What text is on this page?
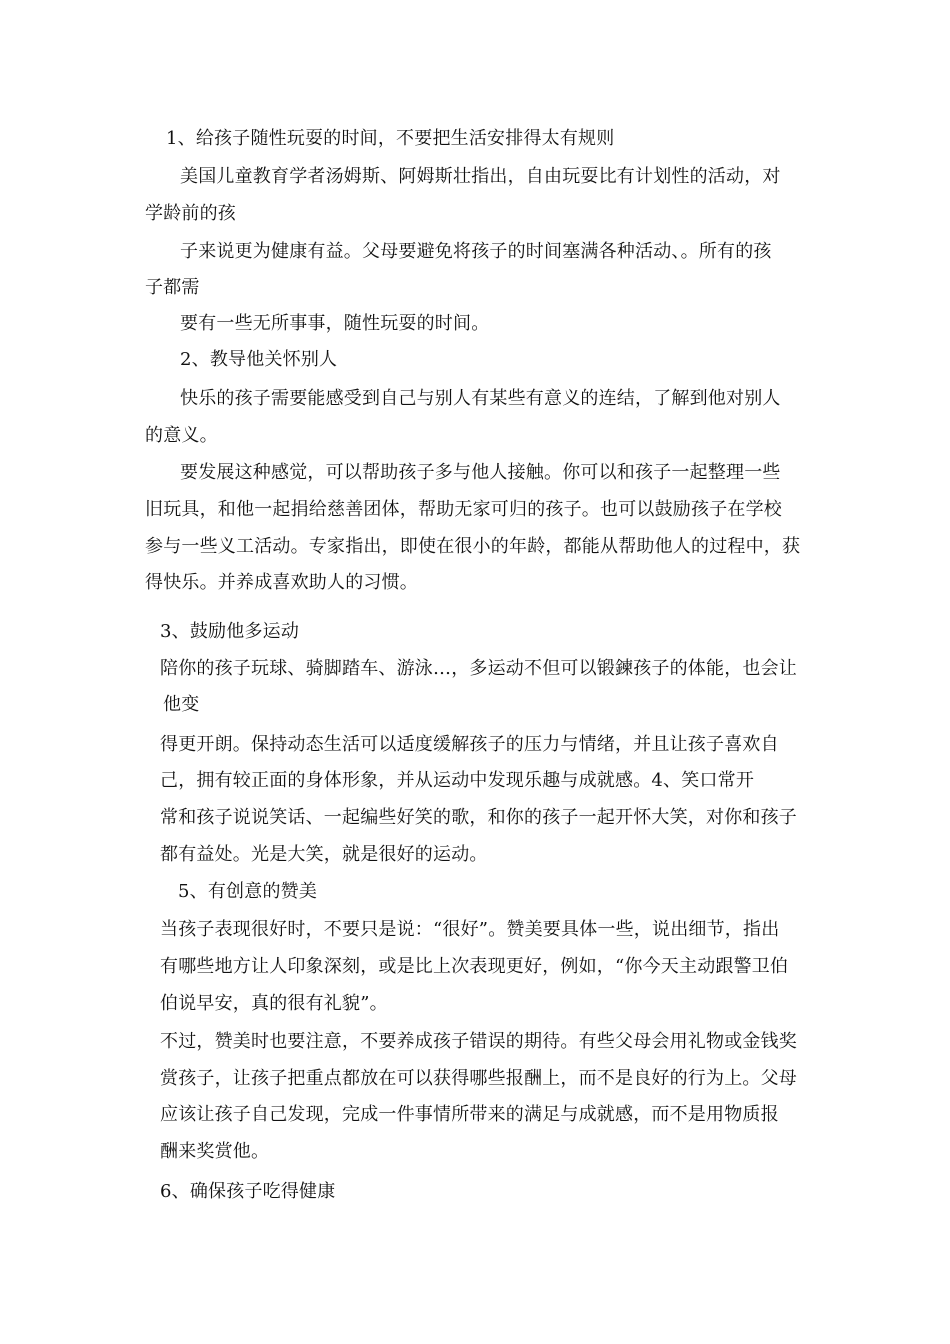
1、给孩子随性玩耍的时间，不要把生活安排得太有规则

美国儿童教育学者汤姆斯、阿姆斯壮指出，自由玩耍比有计划性的活动，对

学龄前的孩

子来说更为健康有益。父母要避免将孩子的时间塞满各种活动、。所有的孩

子都需

要有一些无所事事，随性玩耍的时间。

2、教导他关怀别人

快乐的孩子需要能感受到自己与别人有某些有意义的连结，了解到他对别人

的意义。

要发展这种感觉，可以帮助孩子多与他人接触。你可以和孩子一起整理一些

旧玩具，和他一起捐给慈善团体，帮助无家可归的孩子。也可以鼓励孩子在学校

参与一些义工活动。专家指出，即使在很小的年龄，都能从帮助他人的过程中，获

得快乐。并养成喜欢助人的习惯。

3、鼓励他多运动

陪你的孩子玩球、骑脚踏车、游泳…，多运动不但可以锻鍊孩子的体能，也会让

他变

得更开朗。保持动态生活可以适度缓解孩子的压力与情绪，并且让孩子喜欢自

己，拥有较正面的身体形象，并从运动中发现乐趣与成就感。4、笑口常开

常和孩子说说笑话、一起编些好笑的歌，和你的孩子一起开怀大笑，对你和孩子

都有益处。光是大笑，就是很好的运动。

5、有创意的赞美

当孩子表现很好时，不要只是说：“很好”。赞美要具体一些，说出细节，指出

有哪些地方让人印象深刻，或是比上次表现更好，例如，“你今天主动跟警卫伯

伯说早安，真的很有礼貌”。

不过，赞美时也要注意，不要养成孩子错误的期待。有些父母会用礼物或金钱奖

赏孩子，让孩子把重点都放在可以获得哪些报酬上，而不是良好的行为上。父母

应该让孩子自己发现，完成一件事情所带来的满足与成就感，而不是用物质报

酬来奖赏他。

6、确保孩子吃得健康
